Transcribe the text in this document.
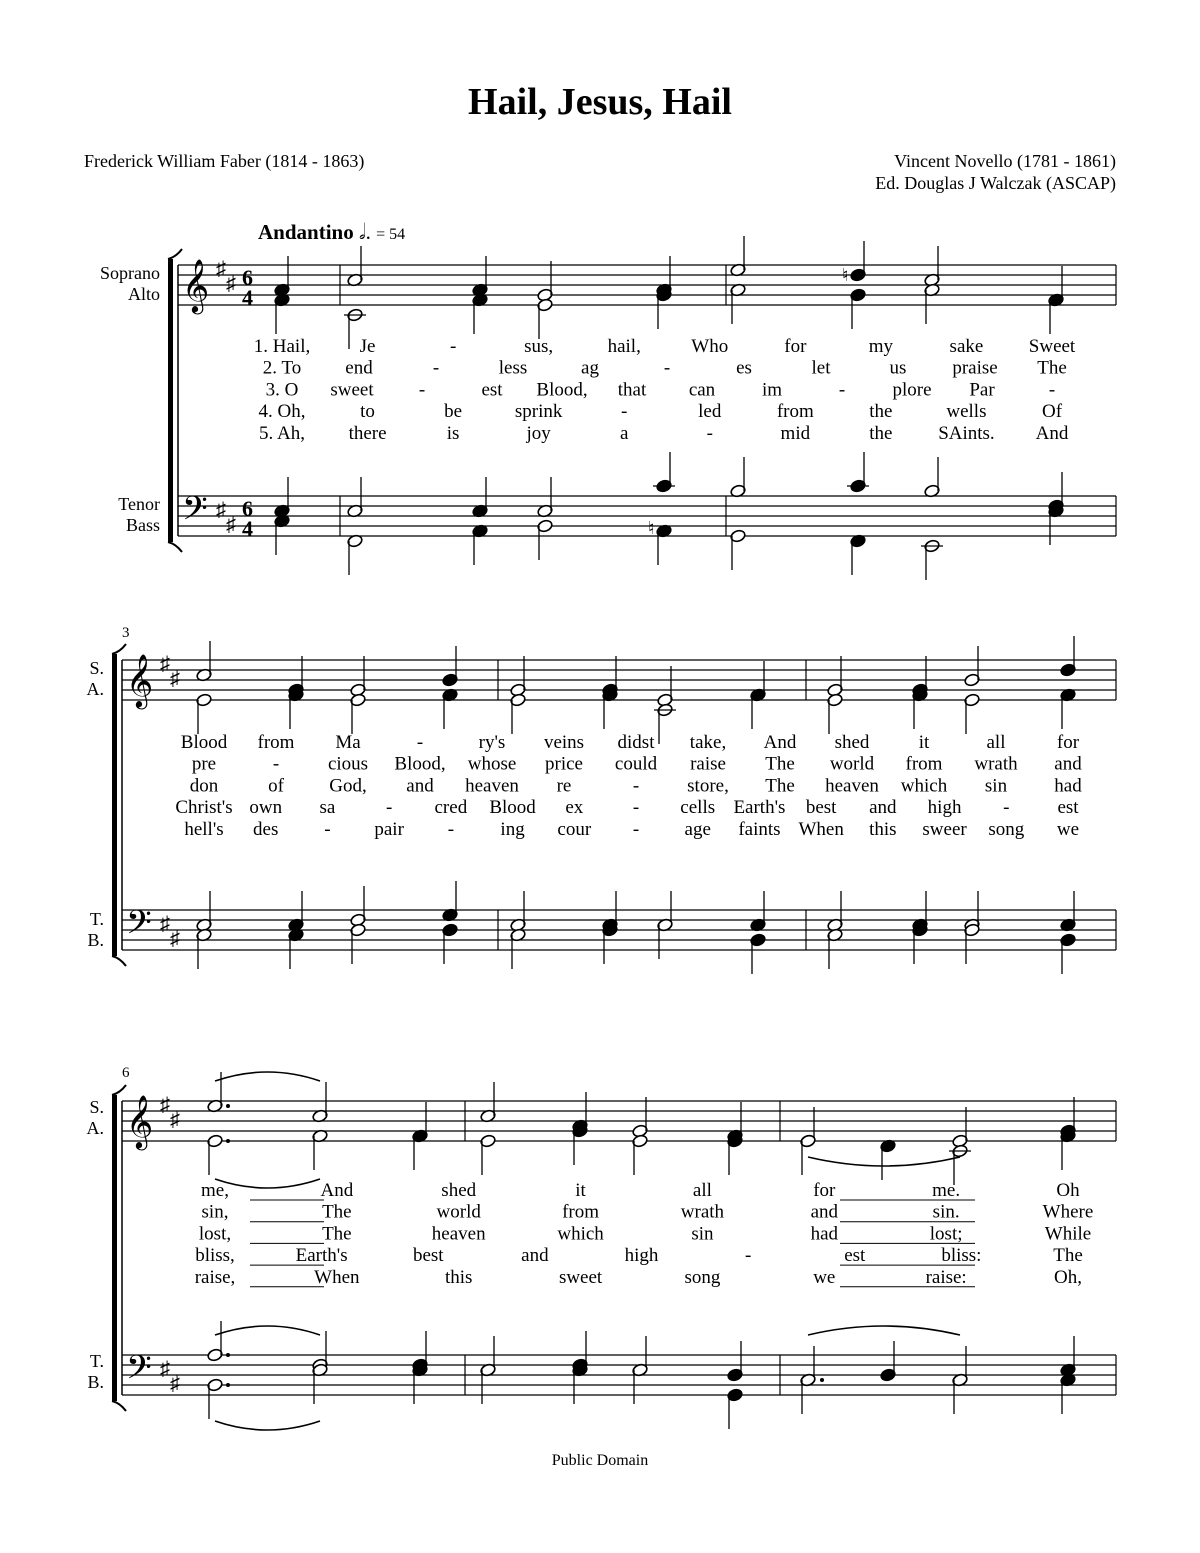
Hail, Jesus, Hail
Frederick William Faber (1814 - 1863)	Vincent Novello (1781 - 1861)
Ed. Douglas J Walczak (ASCAP)
Andantino 𝅗𝅥. = 54
Soprano
Alto
Tenor
Bass
S.
A.
T.
B.
S.
A.
T.
B.
3
6
𝄞 ♯
♯ 6
4
𝄢 ♯
♯
6
4
𝄞 ♯
♯
𝄢 ♯
♯
𝄞 ♯
♯
𝄢 ♯
♯
♮
♮
1. Hail,	Je	-	sus,	hail,	Who	for	my	sake Sweet
2. To end	-	less	ag	-	es	let	us praise The
3. O sweet -	est Blood, that can im	- plore Par	-
4. Oh,	to	be	sprink	-	led	from	the	wells	Of
5. Ah, there	is	joy	a	-	mid	the SAints. And
Blood from Ma	-	ry's veins didst take, And shed	it	all	for
pre	-	cious Blood, whose price could raise The world from wrath and
don	of God, and heaven re	-	store, The heaven which sin had
Christ's own sa	- cred Blood ex	- cells Earth's best and high -	est
hell's des - pair - ing cour - age faints When this sweer song we
me,	And	shed	it	all	for	me.	Oh
sin,	The	world	from	wrath	and	sin.	Where
lost,	The	heaven	which	sin	had	lost;	While
bliss,	Earth's	best	and	high	-	est	bliss:	The
raise,	When	this	sweet	song	we	raise:	Oh,
Public Domain
